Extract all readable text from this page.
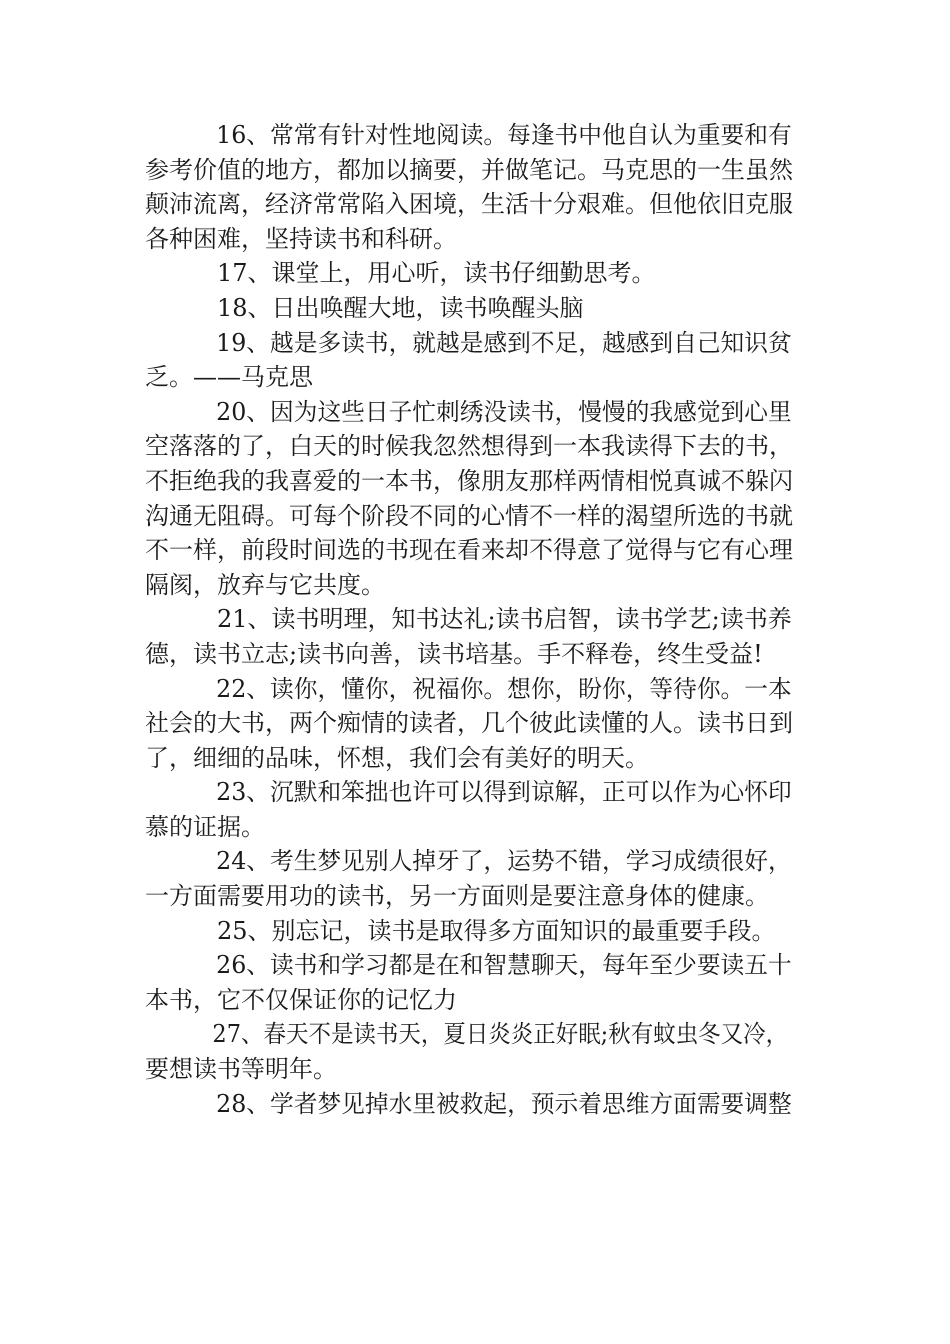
16、常常有针对性地阅读。每逢书中他自认为重要和有
参考价值的地方，都加以摘要，并做笔记。马克思的一生虽然
颠沛流离，经济常常陷入困境，生活十分艰难。但他依旧克服
各种困难，坚持读书和科研。
17、课堂上，用心听，读书仔细勤思考。
18、日出唤醒大地，读书唤醒头脑
19、越是多读书，就越是感到不足，越感到自己知识贫
乏。——马克思
20、因为这些日子忙刺绣没读书，慢慢的我感觉到心里
空落落的了，白天的时候我忽然想得到一本我读得下去的书，
不拒绝我的我喜爱的一本书，像朋友那样两情相悦真诚不躲闪
沟通无阻碍。可每个阶段不同的心情不一样的渴望所选的书就
不一样，前段时间选的书现在看来却不得意了觉得与它有心理
隔阂，放弃与它共度。
21、读书明理，知书达礼;读书启智，读书学艺;读书养
德，读书立志;读书向善，读书培基。手不释卷，终生受益!
22、读你，懂你，祝福你。想你，盼你，等待你。一本
社会的大书，两个痴情的读者，几个彼此读懂的人。读书日到
了，细细的品味，怀想，我们会有美好的明天。
23、沉默和笨拙也许可以得到谅解，正可以作为心怀印
慕的证据。
24、考生梦见别人掉牙了，运势不错，学习成绩很好，
一方面需要用功的读书，另一方面则是要注意身体的健康。
25、别忘记，读书是取得多方面知识的最重要手段。
26、读书和学习都是在和智慧聊天，每年至少要读五十
本书，它不仅保证你的记忆力
27、春天不是读书天，夏日炎炎正好眠;秋有蚊虫冬又冷，
要想读书等明年。
28、学者梦见掉水里被救起，预示着思维方面需要调整
